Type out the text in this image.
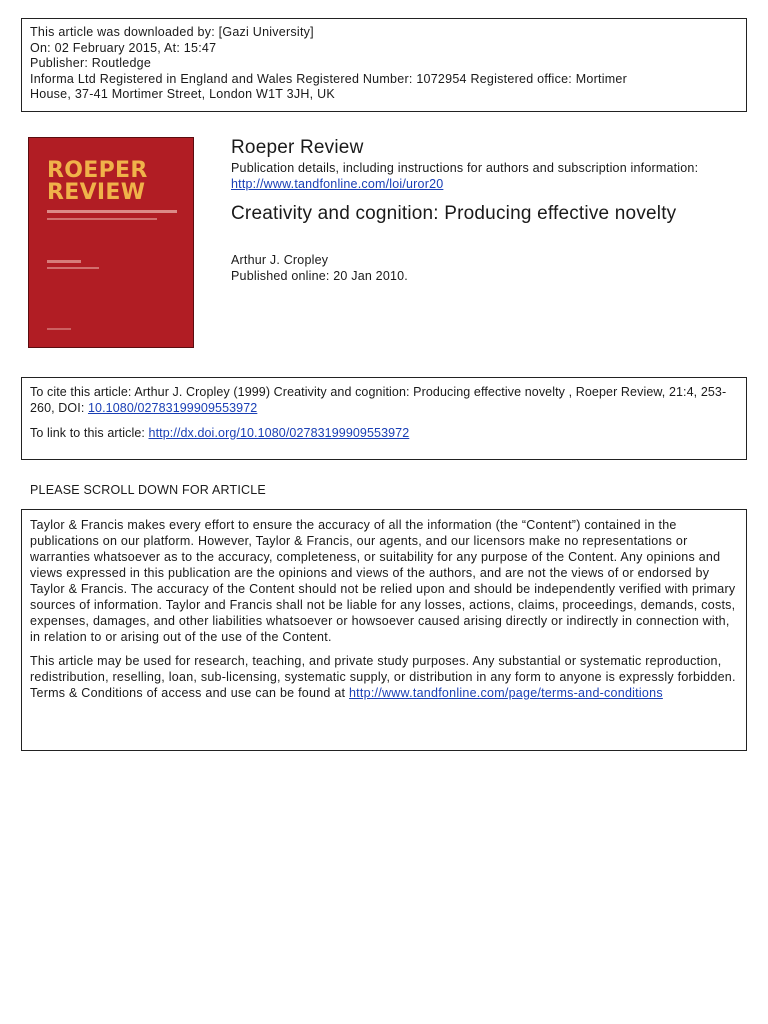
This article was downloaded by: [Gazi University]
On: 02 February 2015, At: 15:47
Publisher: Routledge
Informa Ltd Registered in England and Wales Registered Number: 1072954 Registered office: Mortimer
House, 37-41 Mortimer Street, London W1T 3JH, UK
ROEPER
REVIEW
Roeper Review
Publication details, including instructions for authors and subscription information:
http://www.tandfonline.com/loi/uror20
Creativity and cognition: Producing effective novelty
Arthur J. Cropley
Published online: 20 Jan 2010.
To cite this article: Arthur J. Cropley (1999) Creativity and cognition: Producing effective novelty , Roeper Review, 21:4, 253-260, DOI: 10.1080/02783199909553972
To link to this article: http://dx.doi.org/10.1080/02783199909553972
PLEASE SCROLL DOWN FOR ARTICLE

Taylor & Francis makes every effort to ensure the accuracy of all the information (the “Content”) contained in the publications on our platform. However, Taylor & Francis, our agents, and our licensors make no representations or warranties whatsoever as to the accuracy, completeness, or suitability for any purpose of the Content. Any opinions and views expressed in this publication are the opinions and views of the authors, and are not the views of or endorsed by Taylor & Francis. The accuracy of the Content should not be relied upon and should be independently verified with primary sources of information. Taylor and Francis shall not be liable for any losses, actions, claims, proceedings, demands, costs, expenses, damages, and other liabilities whatsoever or howsoever caused arising directly or indirectly in connection with, in relation to or arising out of the use of the Content.

This article may be used for research, teaching, and private study purposes. Any substantial or systematic reproduction, redistribution, reselling, loan, sub-licensing, systematic supply, or distribution in any form to anyone is expressly forbidden. Terms & Conditions of access and use can be found at http://www.tandfonline.com/page/terms-and-conditions
